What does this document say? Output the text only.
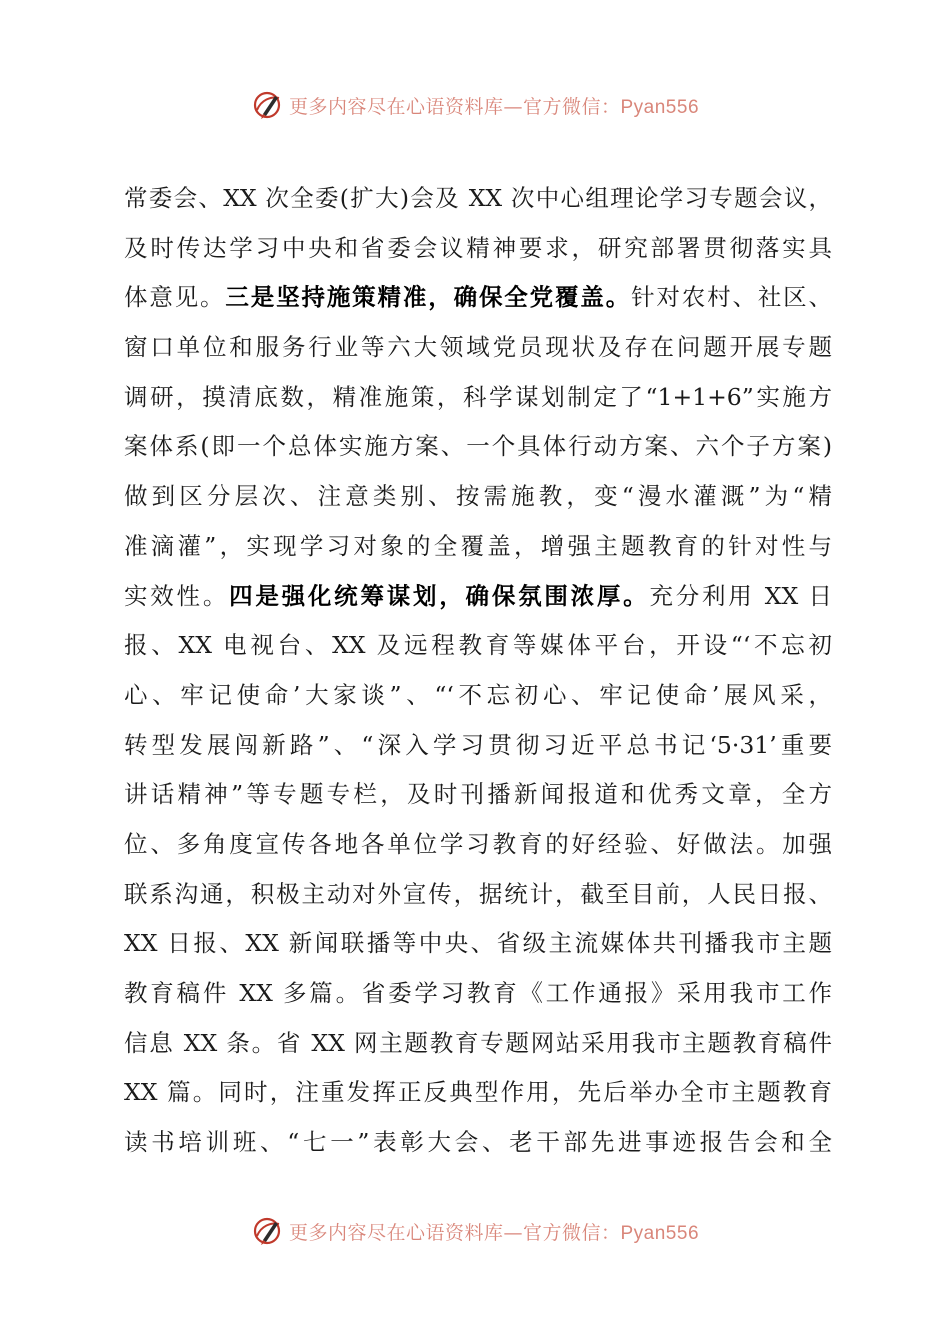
更多内容尽在心语资料库—官方微信：Pyan556
常委会、XX 次全委(扩大)会及 XX 次中心组理论学习专题会议，
及时传达学习中央和省委会议精神要求，研究部署贯彻落实具
体意见。三是坚持施策精准，确保全党覆盖。针对农村、社区、
窗口单位和服务行业等六大领域党员现状及存在问题开展专题
调研，摸清底数，精准施策，科学谋划制定了“1+1+6”实施方
案体系(即一个总体实施方案、一个具体行动方案、六个子方案)
做到区分层次、注意类别、按需施教，变“漫水灌溉”为“精
准滴灌”，实现学习对象的全覆盖，增强主题教育的针对性与
实效性。四是强化统筹谋划，确保氛围浓厚。充分利用 XX 日
报、XX 电视台、XX 及远程教育等媒体平台，开设“‘不忘初
心、牢记使命’大家谈”、“‘不忘初心、牢记使命’展风采，
转型发展闯新路”、“深入学习贯彻习近平总书记‘5·31’重要
讲话精神”等专题专栏，及时刊播新闻报道和优秀文章，全方
位、多角度宣传各地各单位学习教育的好经验、好做法。加强
联系沟通，积极主动对外宣传，据统计，截至目前，人民日报、
XX 日报、XX 新闻联播等中央、省级主流媒体共刊播我市主题
教育稿件 XX 多篇。省委学习教育《工作通报》采用我市工作
信息 XX 条。省 XX 网主题教育专题网站采用我市主题教育稿件
XX 篇。同时，注重发挥正反典型作用，先后举办全市主题教育
读书培训班、“七一”表彰大会、老干部先进事迹报告会和全
更多内容尽在心语资料库—官方微信：Pyan556
